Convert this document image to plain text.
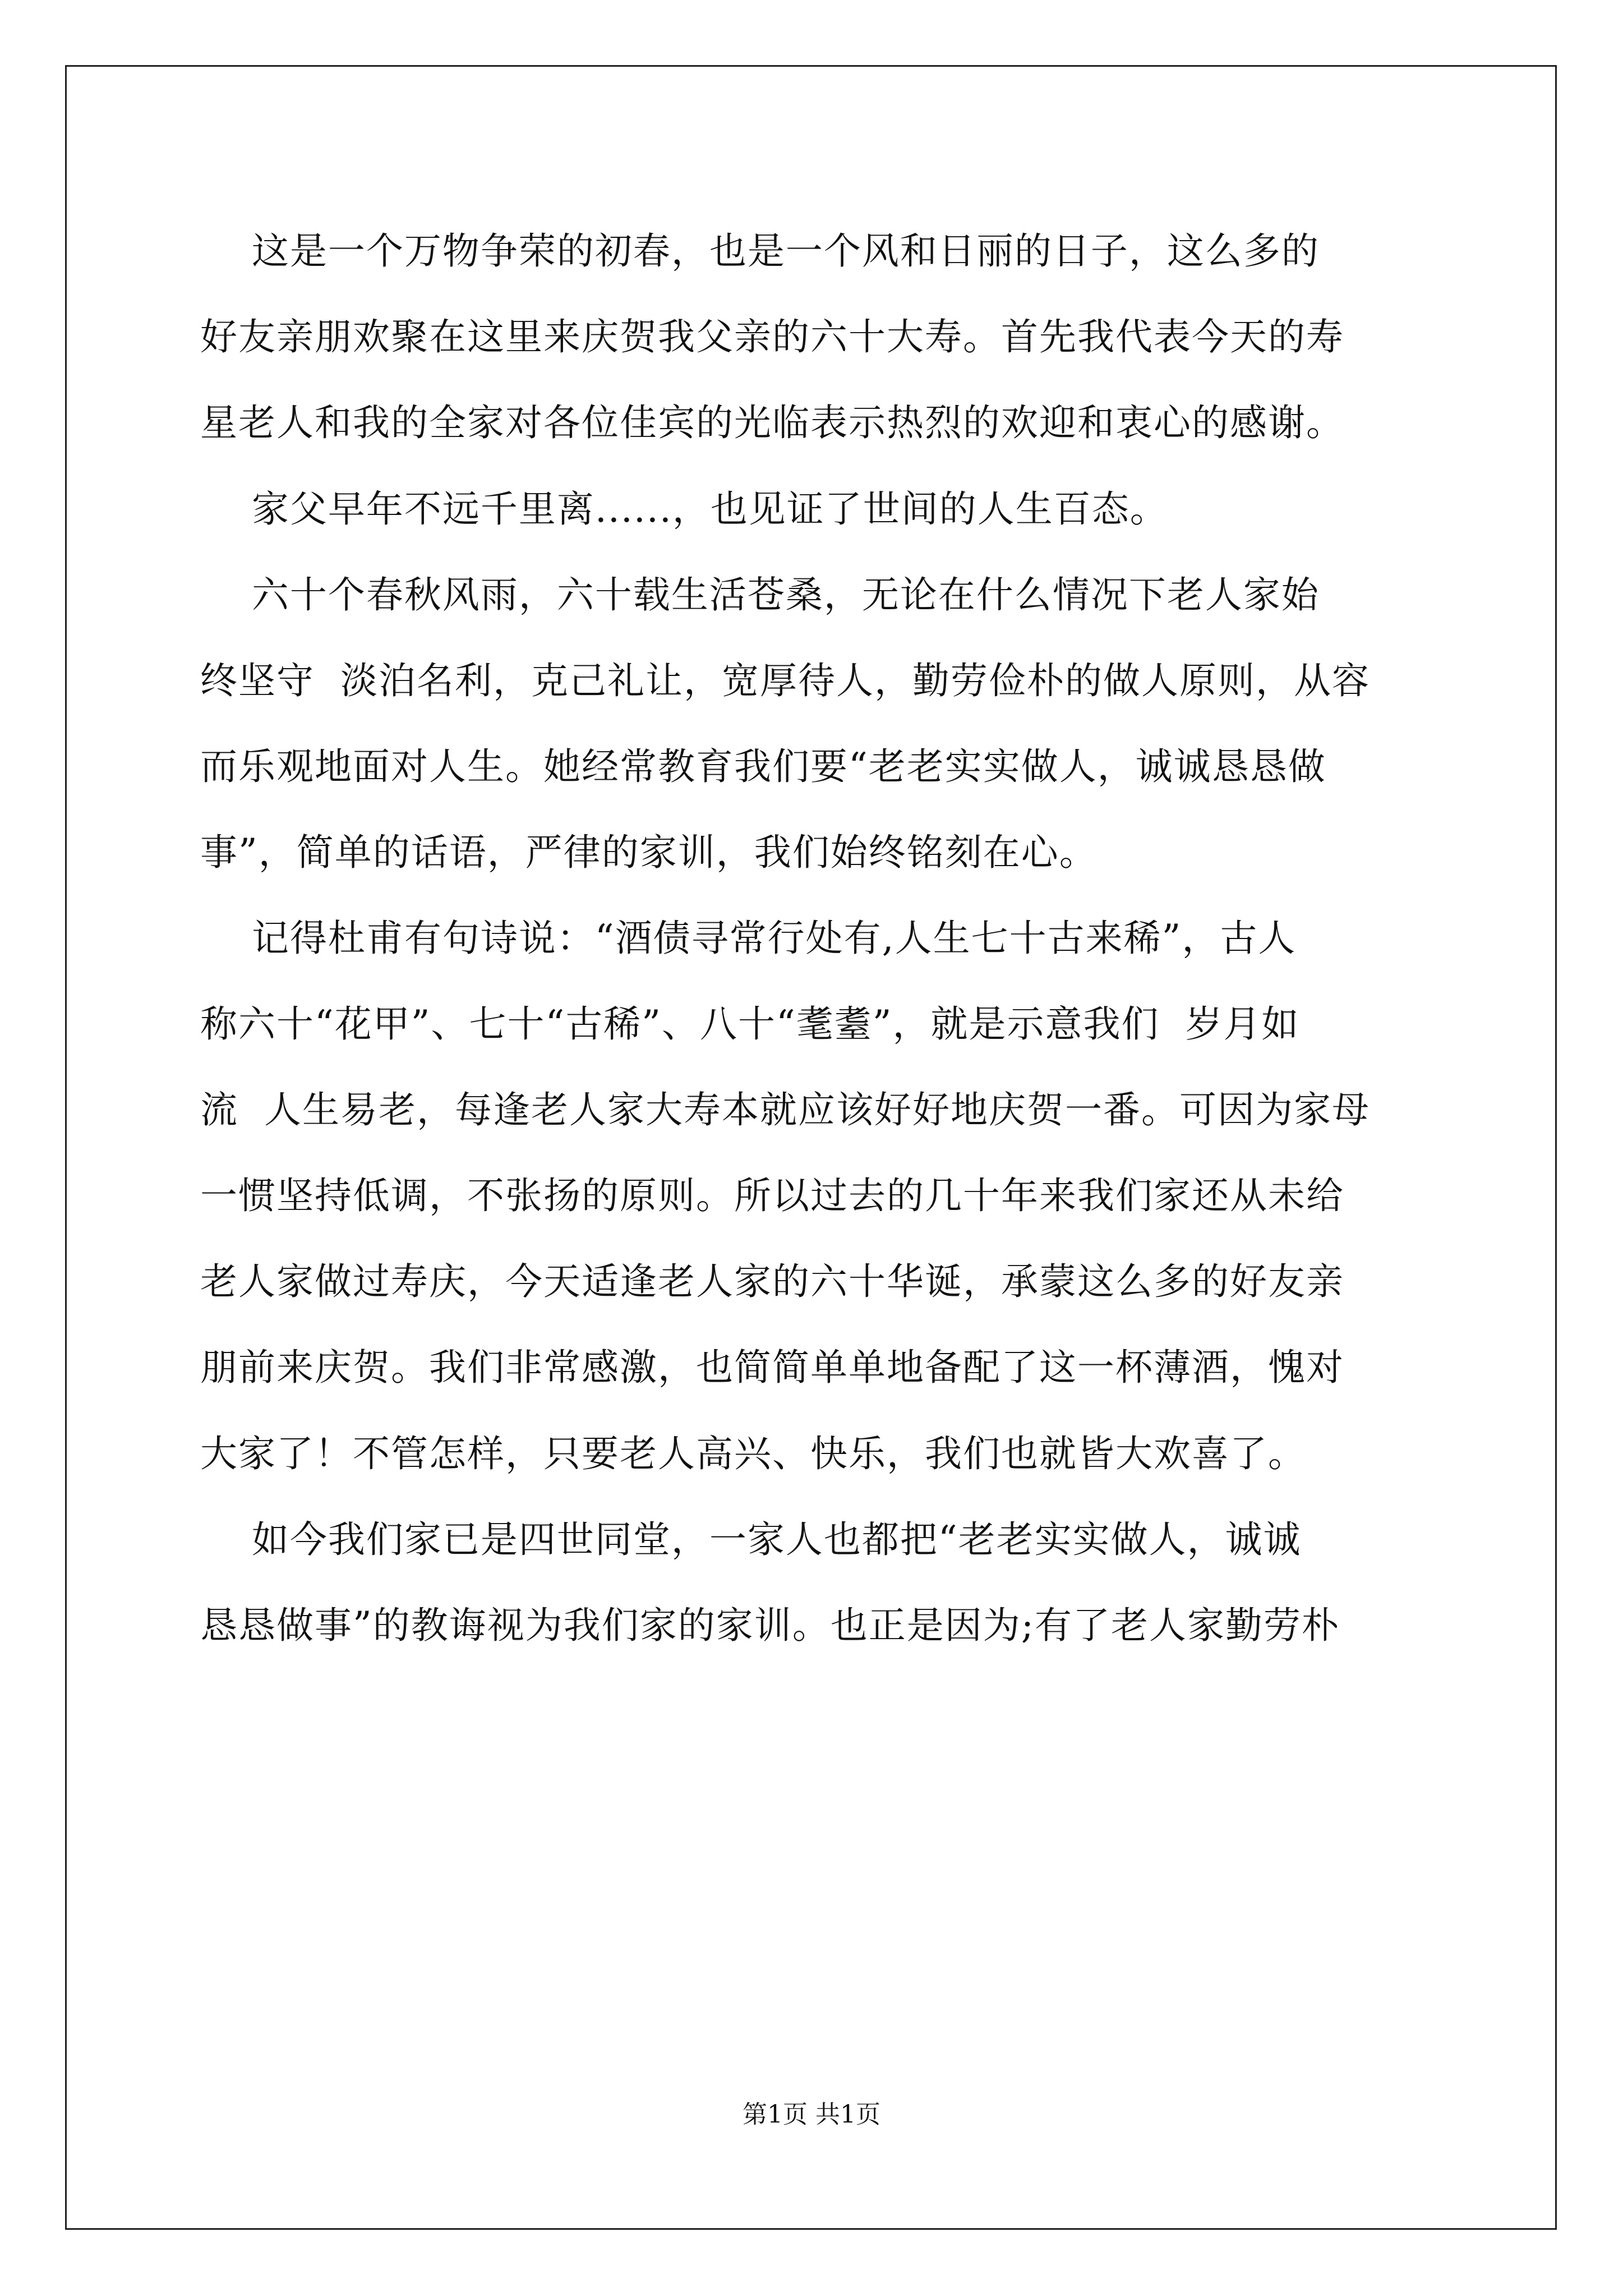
这是一个万物争荣的初春，也是一个风和日丽的日子，这么多的
好友亲朋欢聚在这里来庆贺我父亲的六十大寿。首先我代表今天的寿
星老人和我的全家对各位佳宾的光临表示热烈的欢迎和衷心的感谢。
家父早年不远千里离......，也见证了世间的人生百态。
六十个春秋风雨，六十载生活苍桑，无论在什么情况下老人家始
终坚守  淡泊名利，克己礼让，宽厚待人，勤劳俭朴的做人原则，从容
而乐观地面对人生。她经常教育我们要“老老实实做人，诚诚恳恳做
事”，简单的话语，严律的家训，我们始终铭刻在心。
记得杜甫有句诗说：“酒债寻常行处有,人生七十古来稀”，古人
称六十“花甲”、七十“古稀”、八十“耄耋”，就是示意我们  岁月如
流  人生易老，每逢老人家大寿本就应该好好地庆贺一番。可因为家母
一惯坚持低调，不张扬的原则。所以过去的几十年来我们家还从未给
老人家做过寿庆，今天适逢老人家的六十华诞，承蒙这么多的好友亲
朋前来庆贺。我们非常感激，也简简单单地备配了这一杯薄酒，愧对
大家了！不管怎样，只要老人高兴、快乐，我们也就皆大欢喜了。
如今我们家已是四世同堂，一家人也都把“老老实实做人，诚诚
恳恳做事”的教诲视为我们家的家训。也正是因为;有了老人家勤劳朴
第1页 共1页
